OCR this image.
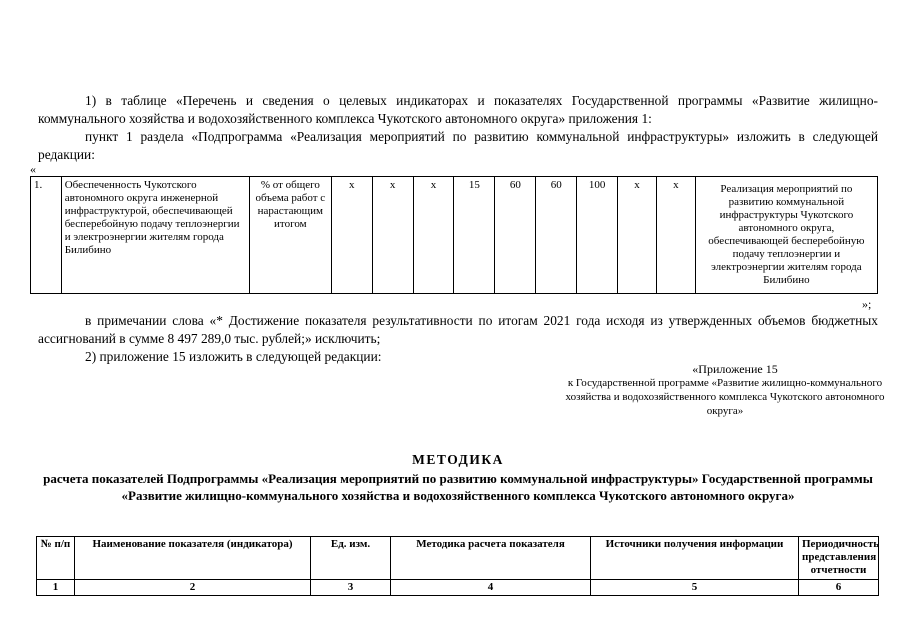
1) в таблице «Перечень и сведения о целевых индикаторах и показателях Государственной программы «Развитие жилищно-коммунального хозяйства и водохозяйственного комплекса Чукотского автономного округа» приложения 1:
пункт 1 раздела «Подпрограмма «Реализация мероприятий по развитию коммунальной инфраструктуры» изложить в следующей редакции:
«
1.	Обеспеченность Чукотского автономного округа инженерной инфраструктурой, обеспечивающей бесперебойную подачу теплоэнергии и электроэнергии жителям города Билибино	% от общего объема работ с нарастающим итогом	х	х	х	15	60	60	100	х	х	Реализация мероприятий по развитию коммунальной инфраструктуры Чукотского автономного округа, обеспечивающей бесперебойную подачу теплоэнергии и электроэнергии жителям города Билибино
»;
в примечании слова «* Достижение показателя результативности по итогам 2021 года исходя из утвержденных объемов бюджетных ассигнований в сумме 8 497 289,0 тыс. рублей;» исключить;
2) приложение 15 изложить в следующей редакции:
«Приложение 15
к Государственной программе «Развитие жилищно-коммунального хозяйства и водохозяйственного комплекса Чукотского автономного округа»
МЕТОДИКА
расчета показателей Подпрограммы «Реализация мероприятий по развитию коммунальной инфраструктуры» Государственной программы «Развитие жилищно-коммунального хозяйства и водохозяйственного комплекса Чукотского автономного округа»
№ п/п	Наименование показателя (индикатора)	Ед. изм.	Методика расчета показателя	Источники получения информации	Периодичность представления отчетности
1	2	3	4	5	6
